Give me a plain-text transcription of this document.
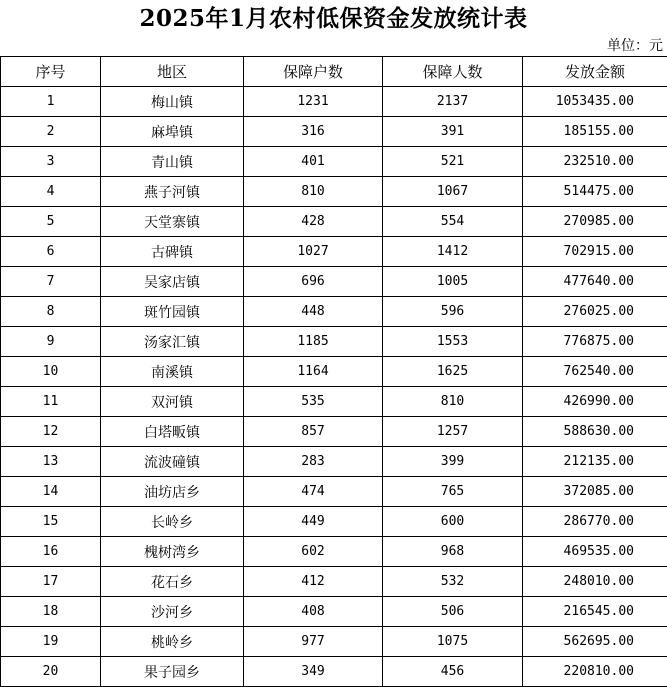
2025年1月农村低保资金发放统计表
单位：元
序号	地区	保障户数	保障人数	发放金额
1	梅山镇	1231	2137	1053435.00
2	麻埠镇	316	391	185155.00
3	青山镇	401	521	232510.00
4	燕子河镇	810	1067	514475.00
5	天堂寨镇	428	554	270985.00
6	古碑镇	1027	1412	702915.00
7	吴家店镇	696	1005	477640.00
8	斑竹园镇	448	596	276025.00
9	汤家汇镇	1185	1553	776875.00
10	南溪镇	1164	1625	762540.00
11	双河镇	535	810	426990.00
12	白塔畈镇	857	1257	588630.00
13	流波䃥镇	283	399	212135.00
14	油坊店乡	474	765	372085.00
15	长岭乡	449	600	286770.00
16	槐树湾乡	602	968	469535.00
17	花石乡	412	532	248010.00
18	沙河乡	408	506	216545.00
19	桃岭乡	977	1075	562695.00
20	果子园乡	349	456	220810.00
